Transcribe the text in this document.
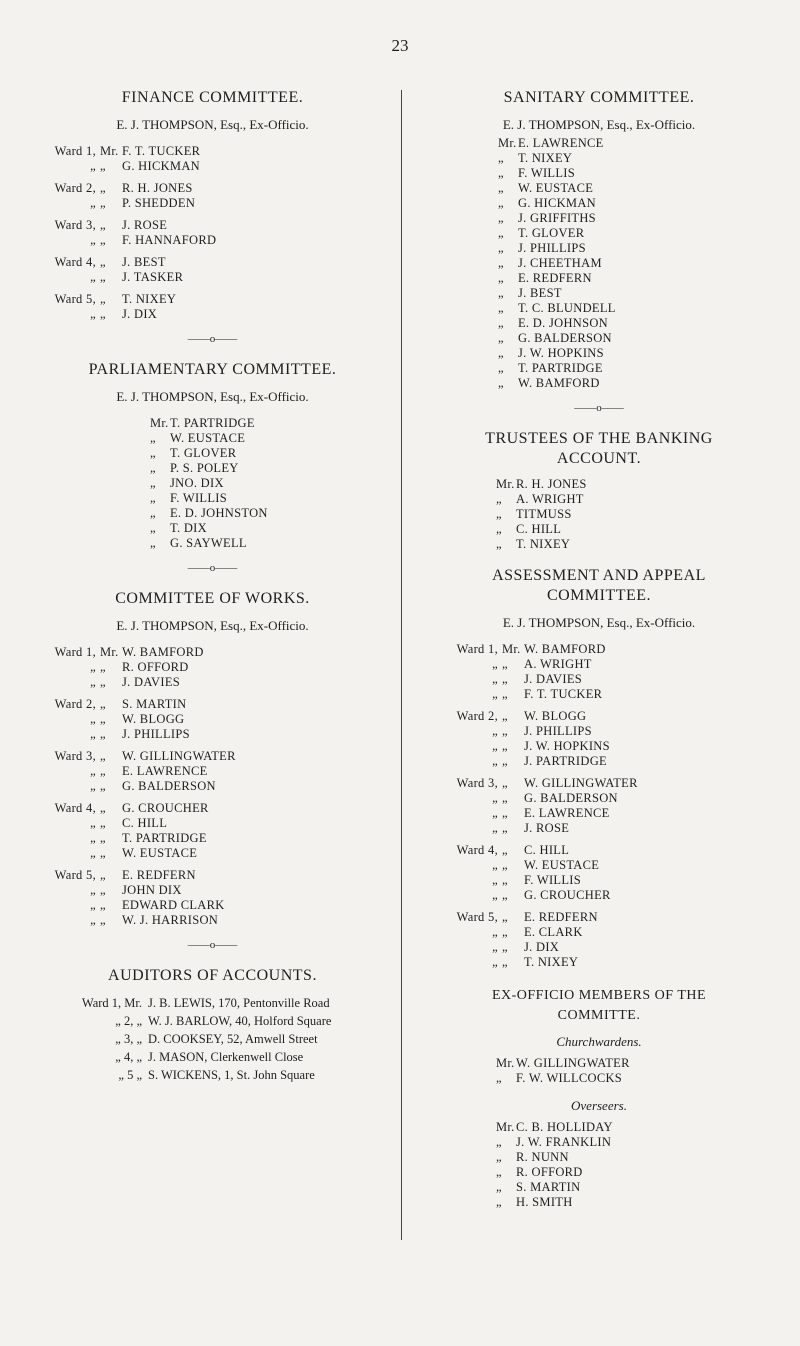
23
FINANCE COMMITTEE.
E. J. THOMPSON, Esq., Ex-Officio.
Ward 1, Mr. F. T. TUCKER
„ „	G. HICKMAN
Ward 2, „	R. H. JONES
„ „	P. SHEDDEN
Ward 3, „	J. ROSE
„ „	F. HANNAFORD
Ward 4, „	J. BEST
„ „	J. TASKER
Ward 5, „	T. NIXEY
„ „	J. DIX
——o——
PARLIAMENTARY COMMITTEE.
E. J. THOMPSON, Esq., Ex-Officio.
Mr. T. PARTRIDGE
„	W. EUSTACE
„	T. GLOVER
„	P. S. POLEY
„	JNO. DIX
„	F. WILLIS
„	E. D. JOHNSTON
„	T. DIX
„	G. SAYWELL
——o——
COMMITTEE OF WORKS.
E. J. THOMPSON, Esq., Ex-Officio.
Ward 1, Mr. W. BAMFORD
„ „	R. OFFORD
„ „	J. DAVIES
Ward 2, „	S. MARTIN
„ „	W. BLOGG
„ „	J. PHILLIPS
Ward 3, „	W. GILLINGWATER
„ „	E. LAWRENCE
„ „	G. BALDERSON
Ward 4, „	G. CROUCHER
„ „	C. HILL
„ „	T. PARTRIDGE
„ „	W. EUSTACE
Ward 5, „	E. REDFERN
„ „	JOHN DIX
„ „	EDWARD CLARK
„ „	W. J. HARRISON
——o——
AUDITORS OF ACCOUNTS.
Ward 1, Mr. J. B. LEWIS, 170, Pentonville Road
„ 2, „ W. J. BARLOW, 40, Holford Square
„ 3, „ D. COOKSEY, 52, Amwell Street
„ 4, „ J. MASON, Clerkenwell Close
„ 5 „ S. WICKENS, 1, St. John Square
SANITARY COMMITTEE.
E. J. THOMPSON, Esq., Ex-Officio.
Mr. E. LAWRENCE
„	T. NIXEY
„	F. WILLIS
„	W. EUSTACE
„	G. HICKMAN
„	J. GRIFFITHS
„	T. GLOVER
„	J. PHILLIPS
„	J. CHEETHAM
„	E. REDFERN
„	J. BEST
„	T. C. BLUNDELL
„	E. D. JOHNSON
„	G. BALDERSON
„	J. W. HOPKINS
„	T. PARTRIDGE
„	W. BAMFORD
——o——
TRUSTEES OF THE BANKING
ACCOUNT.
Mr. R. H. JONES
„	A. WRIGHT
„	TITMUSS
„	C. HILL
„	T. NIXEY
ASSESSMENT AND APPEAL
COMMITTEE.
E. J. THOMPSON, Esq., Ex-Officio.
Ward 1, Mr. W. BAMFORD
„ „	A. WRIGHT
„ „	J. DAVIES
„ „	F. T. TUCKER
Ward 2, „	W. BLOGG
„ „	J. PHILLIPS
„ „	J. W. HOPKINS
„ „	J. PARTRIDGE
Ward 3, „	W. GILLINGWATER
„ „	G. BALDERSON
„ „	E. LAWRENCE
„ „	J. ROSE
Ward 4, „	C. HILL
„ „	W. EUSTACE
„ „	F. WILLIS
„ „	G. CROUCHER
Ward 5, „	E. REDFERN
„ „	E. CLARK
„ „	J. DIX
„ „	T. NIXEY
EX-OFFICIO MEMBERS OF THE
COMMITTE.
Churchwardens.
Mr. W. GILLINGWATER
„	F. W. WILLCOCKS
Overseers.
Mr. C. B. HOLLIDAY
„	J. W. FRANKLIN
„	R. NUNN
„	R. OFFORD
„	S. MARTIN
„	H. SMITH
